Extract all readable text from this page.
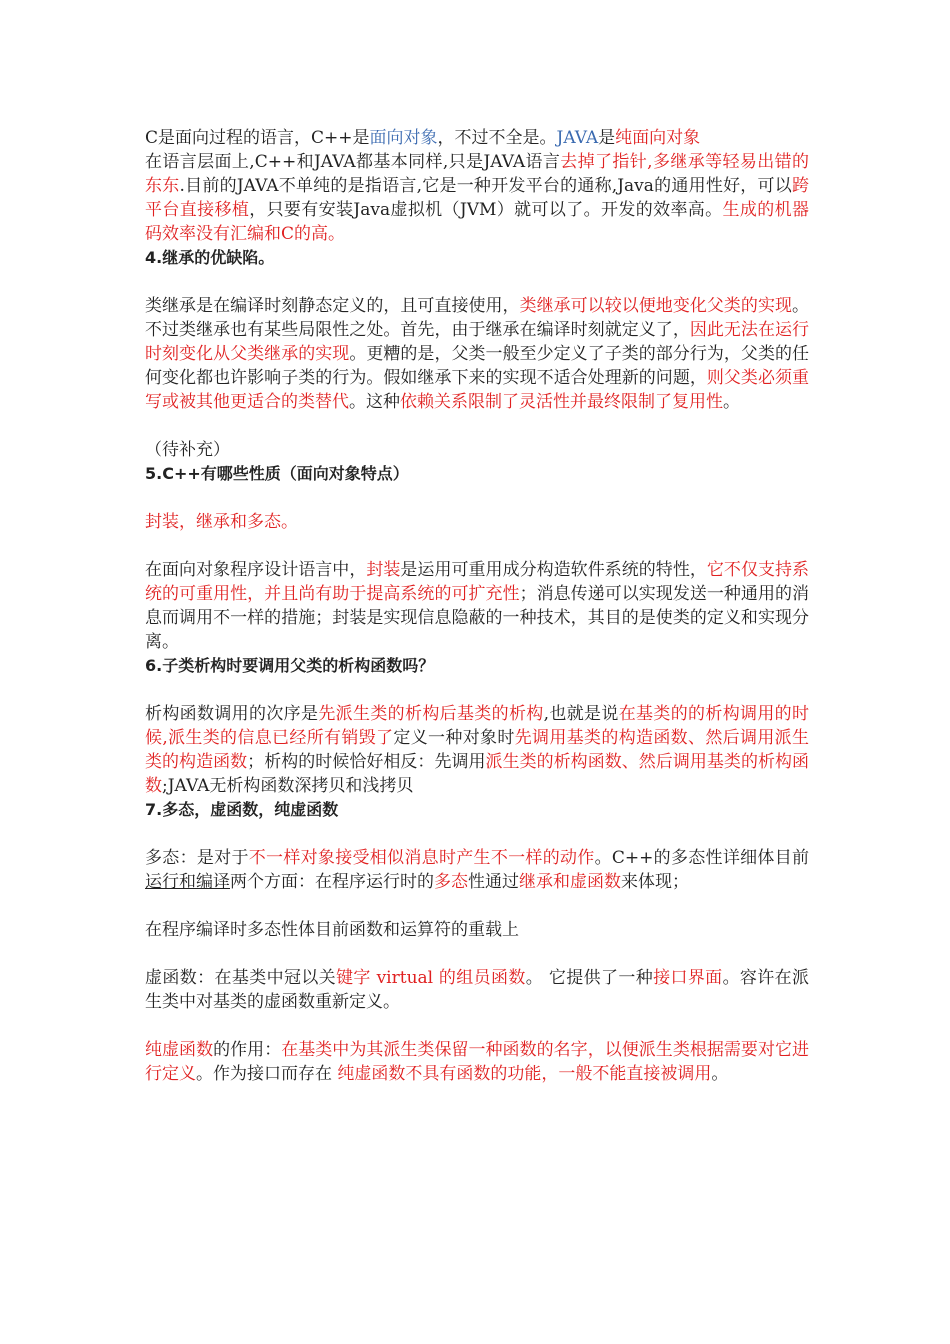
C是面向过程的语言，C++是面向对象，不过不全是。JAVA是纯面向对象

在语言层面上,C++和JAVA都基本同样,只是JAVA语言去掉了指针,多继承等轻易出错的东东.目前的JAVA不单纯的是指语言,它是一种开发平台的通称,Java的通用性好，可以跨平台直接移植，只要有安装Java虚拟机（JVM）就可以了。开发的效率高。生成的机器码效率没有汇编和C的高。

4.继承的优缺陷。

类继承是在编译时刻静态定义的，且可直接使用，类继承可以较以便地变化父类的实现。不过类继承也有某些局限性之处。首先，由于继承在编译时刻就定义了，因此无法在运行时刻变化从父类继承的实现。更糟的是，父类一般至少定义了子类的部分行为，父类的任何变化都也许影响子类的行为。假如继承下来的实现不适合处理新的问题，则父类必须重写或被其他更适合的类替代。这种依赖关系限制了灵活性并最终限制了复用性。

（待补充）

5.C++有哪些性质（面向对象特点）

封装，继承和多态。

在面向对象程序设计语言中，封装是运用可重用成分构造软件系统的特性，它不仅支持系统的可重用性，并且尚有助于提高系统的可扩充性；消息传递可以实现发送一种通用的消息而调用不一样的措施；封装是实现信息隐蔽的一种技术，其目的是使类的定义和实现分离。

6.子类析构时要调用父类的析构函数吗？

析构函数调用的次序是先派生类的析构后基类的析构,也就是说在基类的的析构调用的时候,派生类的信息已经所有销毁了定义一种对象时先调用基类的构造函数、然后调用派生类的构造函数；析构的时候恰好相反：先调用派生类的析构函数、然后调用基类的析构函数;JAVA无析构函数深拷贝和浅拷贝

7.多态，虚函数，纯虚函数

多态：是对于不一样对象接受相似消息时产生不一样的动作。C++的多态性详细体目前运行和编译两个方面：在程序运行时的多态性通过继承和虚函数来体现；

在程序编译时多态性体目前函数和运算符的重载上

虚函数：在基类中冠以关键字 virtual 的组员函数。 它提供了一种接口界面。容许在派生类中对基类的虚函数重新定义。

纯虚函数的作用：在基类中为其派生类保留一种函数的名字，以便派生类根据需要对它进行定义。作为接口而存在 纯虚函数不具有函数的功能，一般不能直接被调用。
